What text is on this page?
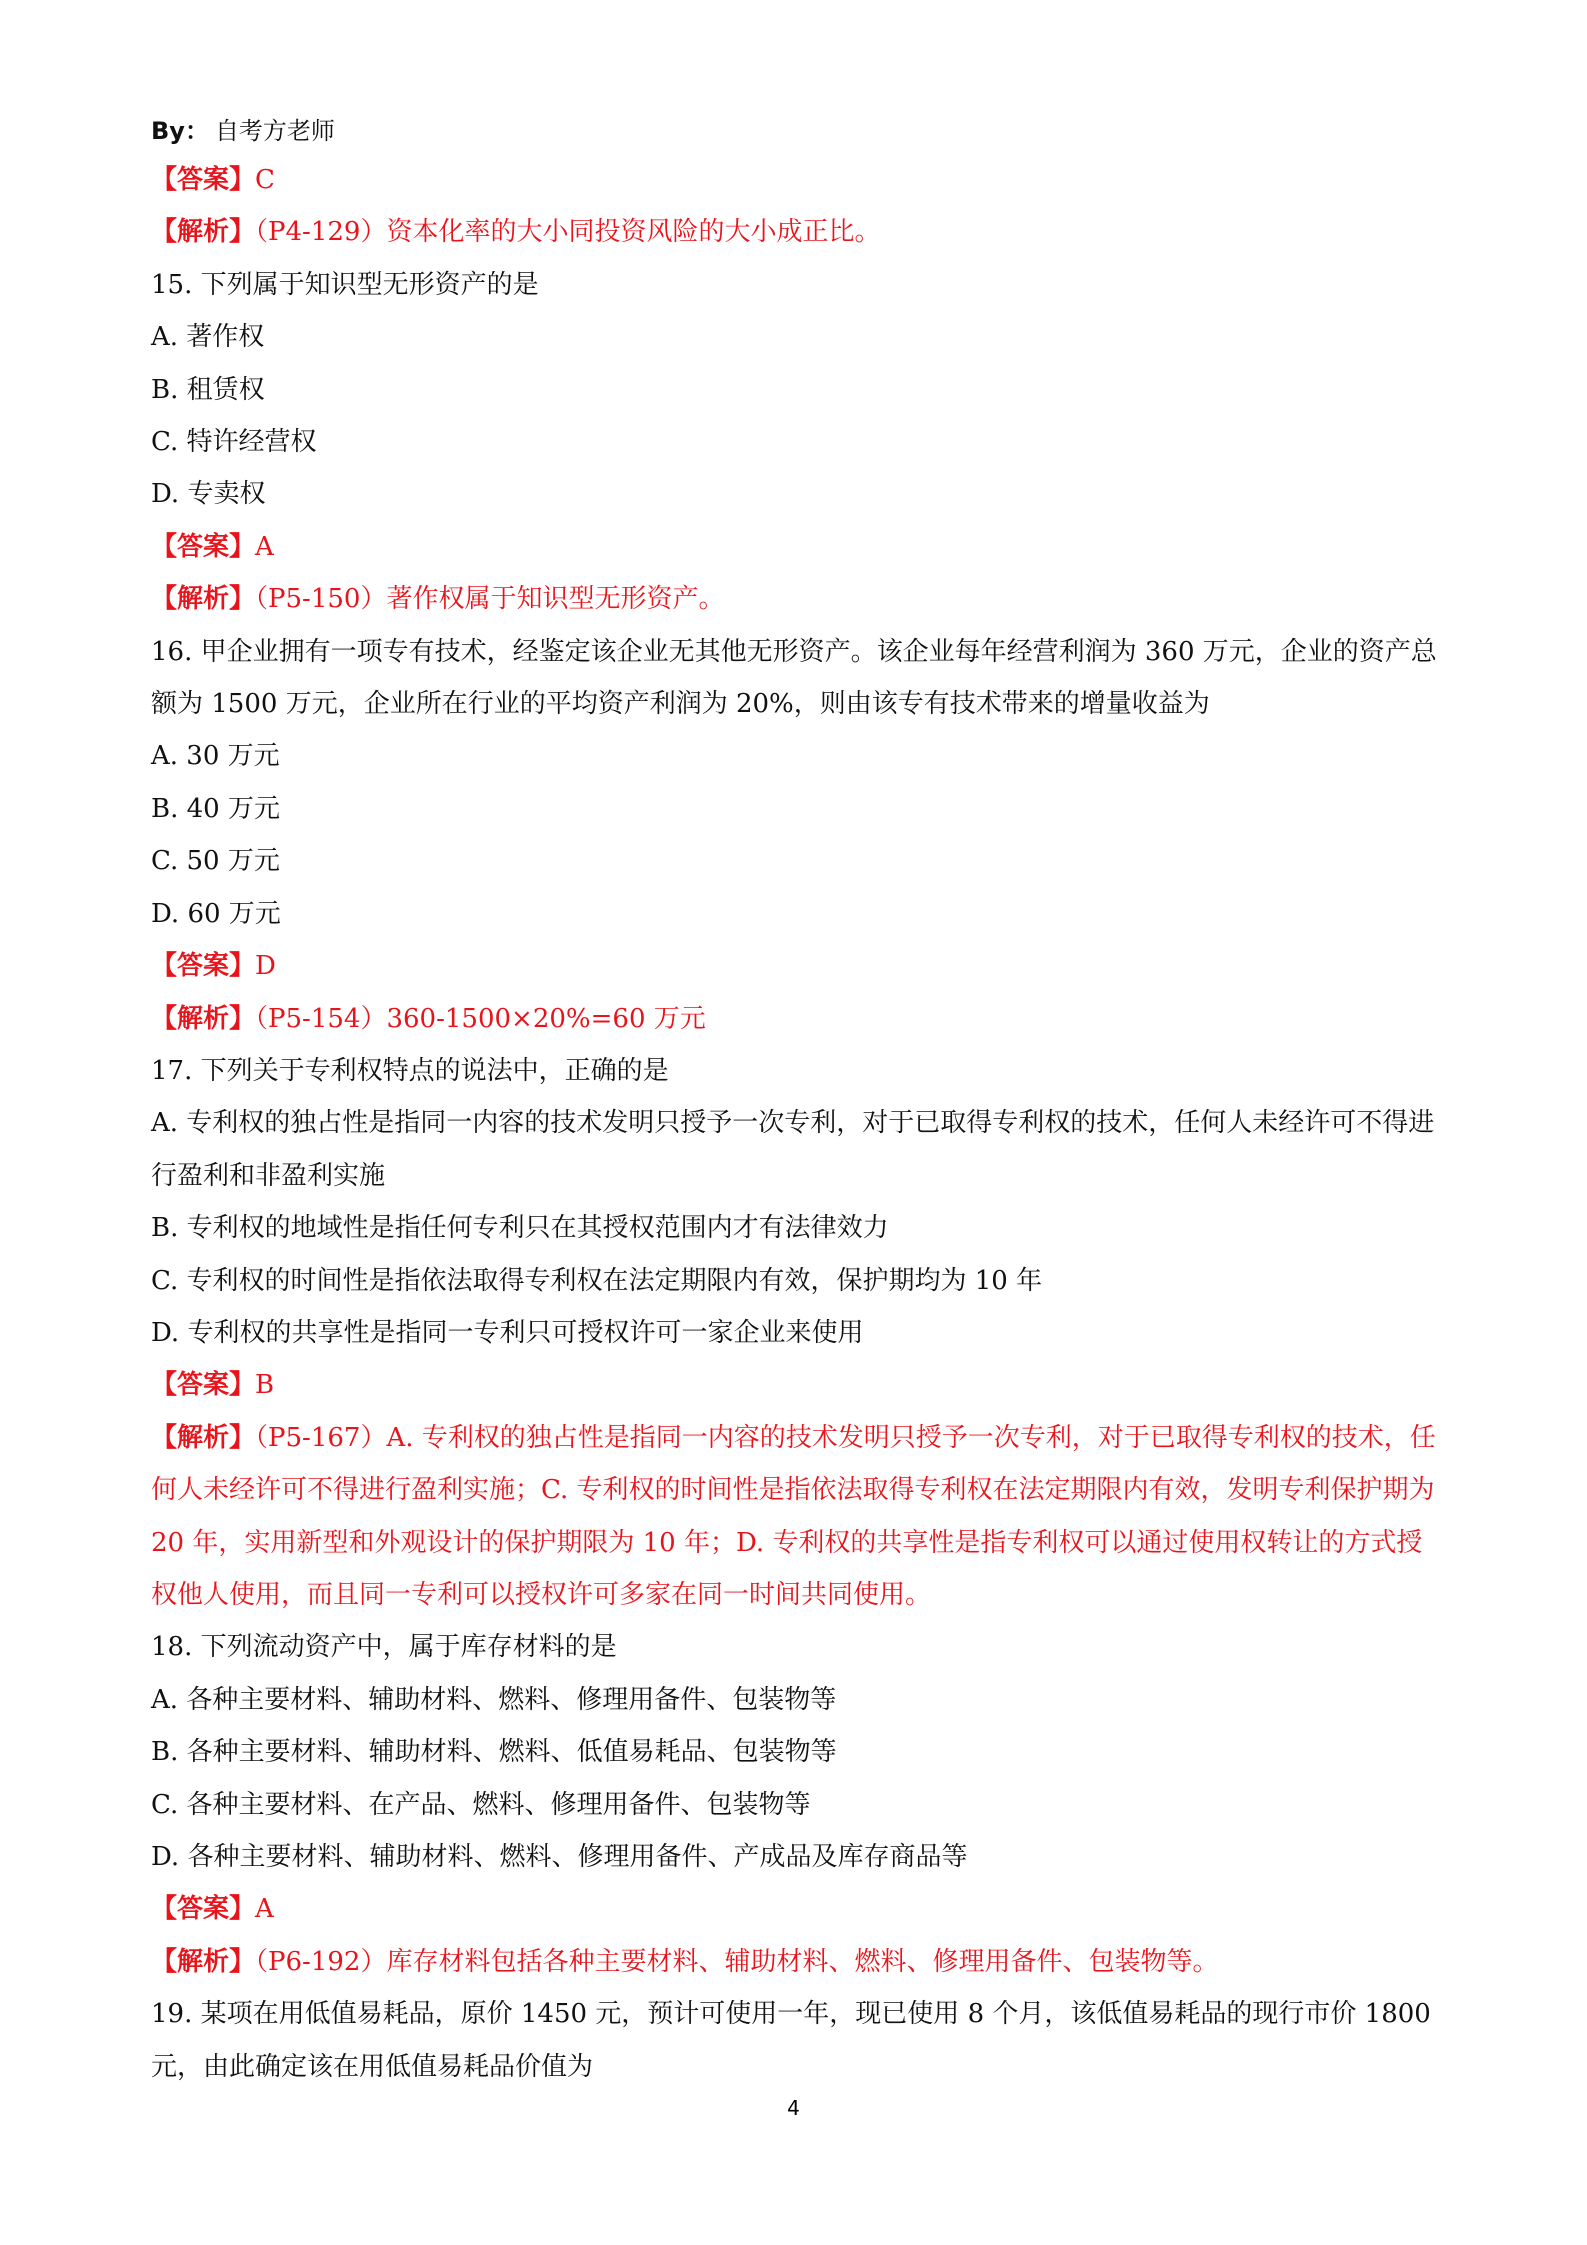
By： 自考方老师
【答案】C
【解析】（P4-129）资本化率的大小同投资风险的大小成正比。
15. 下列属于知识型无形资产的是
A. 著作权
B. 租赁权
C. 特许经营权
D. 专卖权
【答案】A
【解析】（P5-150）著作权属于知识型无形资产。
16. 甲企业拥有一项专有技术，经鉴定该企业无其他无形资产。该企业每年经营利润为 360 万元，企业的资产总额为 1500 万元，企业所在行业的平均资产利润为 20%，则由该专有技术带来的增量收益为
A. 30 万元
B. 40 万元
C. 50 万元
D. 60 万元
【答案】D
【解析】（P5-154）360-1500×20%=60 万元
17. 下列关于专利权特点的说法中，正确的是
A. 专利权的独占性是指同一内容的技术发明只授予一次专利，对于已取得专利权的技术，任何人未经许可不得进行盈利和非盈利实施
B. 专利权的地域性是指任何专利只在其授权范围内才有法律效力
C. 专利权的时间性是指依法取得专利权在法定期限内有效，保护期均为 10 年
D. 专利权的共享性是指同一专利只可授权许可一家企业来使用
【答案】B
【解析】（P5-167）A. 专利权的独占性是指同一内容的技术发明只授予一次专利，对于已取得专利权的技术，任何人未经许可不得进行盈利实施；C. 专利权的时间性是指依法取得专利权在法定期限内有效，发明专利保护期为 20 年，实用新型和外观设计的保护期限为 10 年；D. 专利权的共享性是指专利权可以通过使用权转让的方式授权他人使用，而且同一专利可以授权许可多家在同一时间共同使用。
18. 下列流动资产中，属于库存材料的是
A. 各种主要材料、辅助材料、燃料、修理用备件、包装物等
B. 各种主要材料、辅助材料、燃料、低值易耗品、包装物等
C. 各种主要材料、在产品、燃料、修理用备件、包装物等
D. 各种主要材料、辅助材料、燃料、修理用备件、产成品及库存商品等
【答案】A
【解析】（P6-192）库存材料包括各种主要材料、辅助材料、燃料、修理用备件、包装物等。
19. 某项在用低值易耗品，原价 1450 元，预计可使用一年，现已使用 8 个月，该低值易耗品的现行市价 1800 元，由此确定该在用低值易耗品价值为
4
